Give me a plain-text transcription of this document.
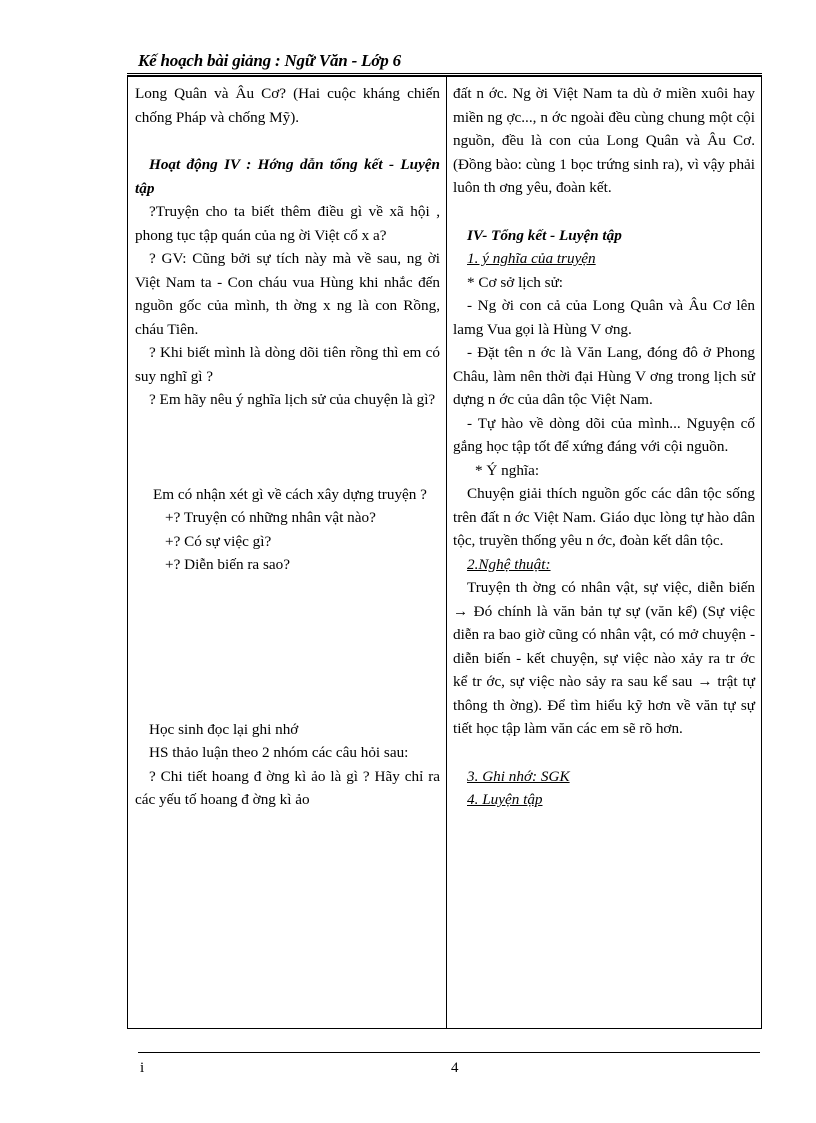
Kế hoạch bài giảng : Ngữ Văn - Lớp 6

Long Quân và Âu Cơ? (Hai cuộc kháng chiến chống Pháp và chống Mỹ).

Hoạt động IV : Hớng dẫn tổng kết - Luyện tập

?Truyện cho ta biết thêm điều gì về xã hội , phong tục tập quán của ng ời Việt cổ x a?

? GV: Cũng bởi sự tích này mà về sau, ng ời Việt Nam ta - Con cháu vua Hùng khi nhắc đến nguồn gốc của mình, th ờng x ng là con Rồng, cháu Tiên.

? Khi biết mình là dòng dõi tiên rồng thì em có suy nghĩ gì ?

? Em hãy nêu ý nghĩa lịch sử của chuyện là gì?

Em có nhận xét gì về cách xây dựng truyện ?

+? Truyện có những nhân vật nào?

+? Có sự việc gì?

+? Diễn biến ra sao?

Học sinh đọc lại ghi nhớ

HS thảo luận theo 2 nhóm các câu hỏi sau:

? Chi tiết hoang đ ờng kì ảo là gì ? Hãy chỉ ra các yếu tố hoang đ ờng kì ảo

đất n ớc. Ng ời Việt Nam ta dù ở miền xuôi hay miền ng ợc..., n ớc ngoài đều cùng chung một cội nguồn, đều là con của Long Quân và Âu Cơ. (Đồng bào: cùng 1 bọc trứng sinh ra), vì vậy phải luôn th ơng yêu, đoàn kết.

IV- Tổng kết - Luyện tập

1. ý nghĩa của truyện

* Cơ sở lịch sử:

- Ng ời con cả của Long Quân và Âu Cơ lên lamg Vua gọi là Hùng V ơng.

- Đặt tên n ớc là Văn Lang, đóng đô ở Phong Châu, làm nên thời đại Hùng V ơng trong lịch sử dựng n ớc của dân tộc Việt Nam.

- Tự hào về dòng dõi của mình... Nguyện cố gắng học tập tốt để xứng đáng với cội nguồn.

* Ý nghĩa:

Chuyện giải thích nguồn gốc các dân tộc sống trên đất n ớc Việt Nam. Giáo dục lòng tự hào dân tộc, truyền thống yêu n ớc, đoàn kết dân tộc.

2.Nghệ thuật:

Truyện th ờng có nhân vật, sự việc, diễn biến → Đó chính là văn bản tự sự (văn kể) (Sự việc diễn ra bao giờ cũng có nhân vật, có mở chuyện - diễn biến - kết chuyện, sự việc nào xảy ra tr ớc kể tr ớc, sự việc nào sảy ra sau kể sau → trật tự thông th ờng). Để tìm hiểu kỹ hơn về văn tự sự tiết học tập làm văn các em sẽ rõ hơn.

3. Ghi nhớ: SGK

4. Luyện tập

i	4
